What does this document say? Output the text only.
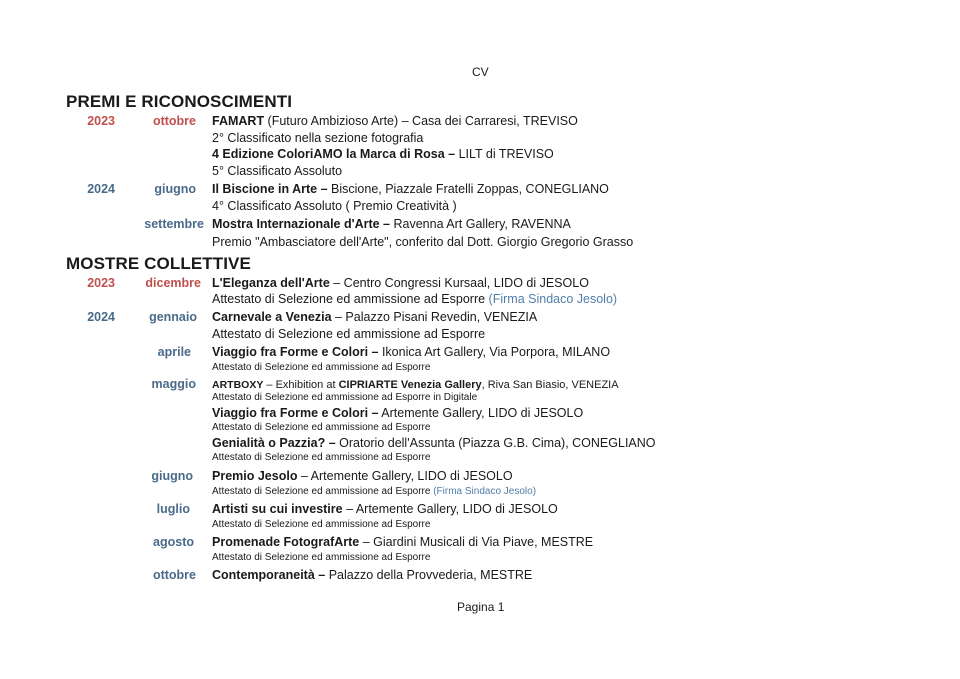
CV
PREMI E RICONOSCIMENTI
2023	ottobre FAMART (Futuro Ambizioso Arte) – Casa dei Carraresi, TREVISO
2° Classificato nella sezione fotografia
4 Edizione ColoriAMO la Marca di Rosa – LILT di TREVISO
5° Classificato Assoluto
2024	giugno Il Biscione in Arte – Biscione, Piazzale Fratelli Zoppas, CONEGLIANO
4° Classificato Assoluto ( Premio Creatività )
settembre Mostra Internazionale d'Arte – Ravenna Art Gallery, RAVENNA
Premio "Ambasciatore dell'Arte", conferito dal Dott. Giorgio Gregorio Grasso
MOSTRE COLLETTIVE
2023	dicembre L'Eleganza dell'Arte – Centro Congressi Kursaal, LIDO di JESOLO
Attestato di Selezione ed ammissione ad Esporre (Firma Sindaco Jesolo)
2024	gennaio Carnevale a Venezia – Palazzo Pisani Revedin, VENEZIA
Attestato di Selezione ed ammissione ad Esporre
aprile Viaggio fra Forme e Colori – Ikonica Art Gallery, Via Porpora, MILANO
Attestato di Selezione ed ammissione ad Esporre
maggio ARTBOXY – Exhibition at CIPRIARTE Venezia Gallery, Riva San Biasio, VENEZIA
Attestato di Selezione ed ammissione ad Esporre in Digitale
Viaggio fra Forme e Colori – Artemente Gallery, LIDO di JESOLO
Attestato di Selezione ed ammissione ad Esporre
Genialità o Pazzia? – Oratorio dell'Assunta (Piazza G.B. Cima), CONEGLIANO
Attestato di Selezione ed ammissione ad Esporre
giugno Premio Jesolo – Artemente Gallery, LIDO di JESOLO
Attestato di Selezione ed ammissione ad Esporre (Firma Sindaco Jesolo)
luglio Artisti su cui investire – Artemente Gallery, LIDO di JESOLO
Attestato di Selezione ed ammissione ad Esporre
agosto Promenade FotografArte – Giardini Musicali di Via Piave, MESTRE
Attestato di Selezione ed ammissione ad Esporre
ottobre Contemporaneità – Palazzo della Provvederia, MESTRE
Pagina 1
